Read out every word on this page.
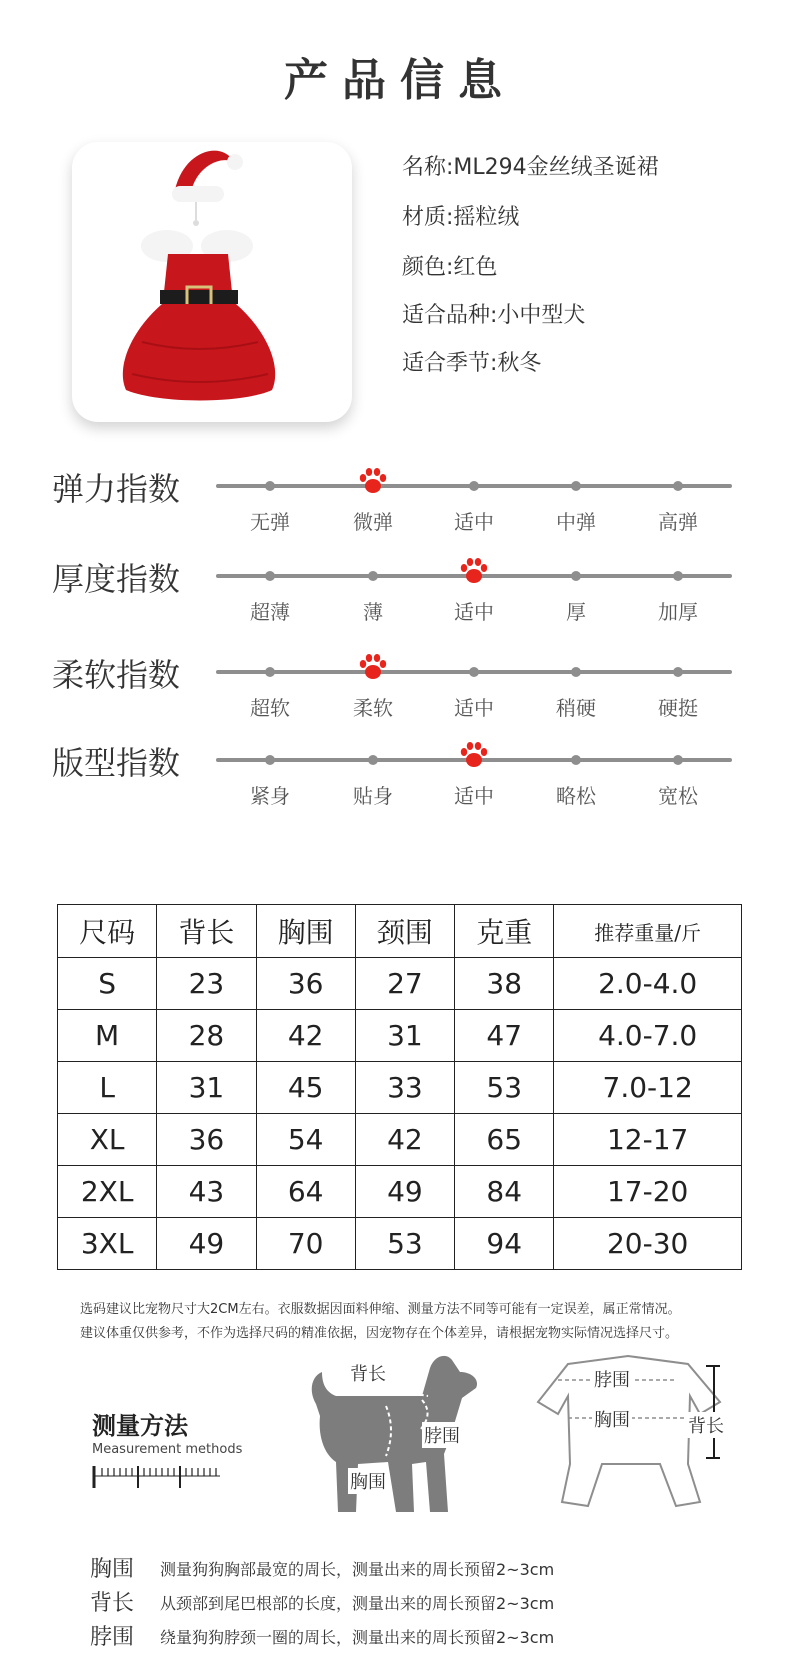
产品信息
名称:ML294金丝绒圣诞裙
材质:摇粒绒
颜色:红色
适合品种:小中型犬
适合季节:秋冬
弹力指数
无弹	微弹	适中	中弹	高弹
厚度指数
超薄	薄	适中	厚	加厚
柔软指数
超软	柔软	适中	稍硬	硬挺
版型指数
紧身	贴身	适中	略松	宽松
尺码	背长	胸围	颈围	克重	推荐重量/斤
S	23	36	27	38	2.0-4.0
M	28	42	31	47	4.0-7.0
L	31	45	33	53	7.0-12
XL	36	54	42	65	12-17
2XL	43	64	49	84	17-20
3XL	49	70	53	94	20-30
选码建议比宠物尺寸大2CM左右。衣服数据因面料伸缩、测量方法不同等可能有一定误差，属正常情况。
建议体重仅供参考，不作为选择尺码的精准依据，因宠物存在个体差异，请根据宠物实际情况选择尺寸。
测量方法
Measurement methods
背长
脖围
胸围
脖围
胸围	背长
胸围 测量狗狗胸部最宽的周长，测量出来的周长预留2~3cm
背长 从颈部到尾巴根部的长度，测量出来的周长预留2~3cm
脖围 绕量狗狗脖颈一圈的周长，测量出来的周长预留2~3cm
